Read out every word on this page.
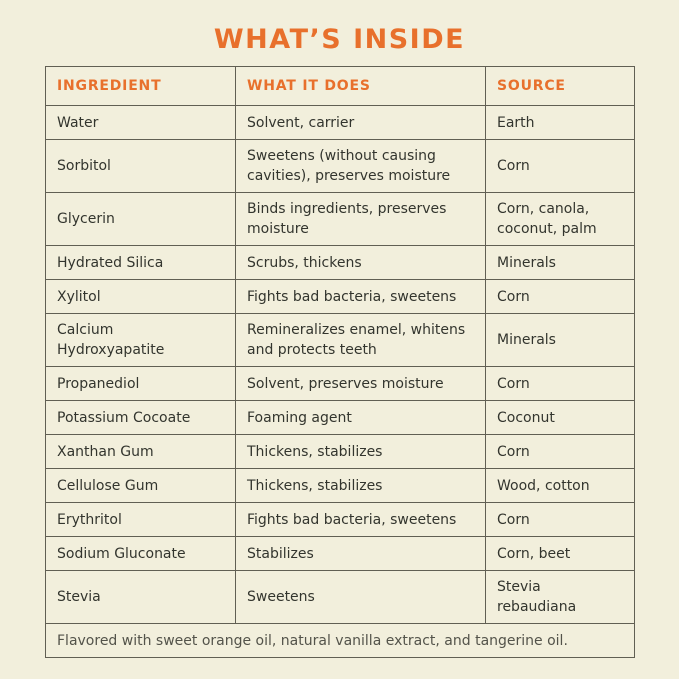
WHAT’S INSIDE
INGREDIENT	WHAT IT DOES	SOURCE
Water	Solvent, carrier	Earth
Sorbitol	Sweetens (without causing cavities), preserves moisture	Corn
Glycerin	Binds ingredients, preserves moisture	Corn, canola, coconut, palm
Hydrated Silica	Scrubs, thickens	Minerals
Xylitol	Fights bad bacteria, sweetens	Corn
Calcium Hydroxyapatite	Remineralizes enamel, whitens and protects teeth	Minerals
Propanediol	Solvent, preserves moisture	Corn
Potassium Cocoate	Foaming agent	Coconut
Xanthan Gum	Thickens, stabilizes	Corn
Cellulose Gum	Thickens, stabilizes	Wood, cotton
Erythritol	Fights bad bacteria, sweetens	Corn
Sodium Gluconate	Stabilizes	Corn, beet
Stevia	Sweetens	Stevia rebaudiana
Flavored with sweet orange oil, natural vanilla extract, and tangerine oil.		
